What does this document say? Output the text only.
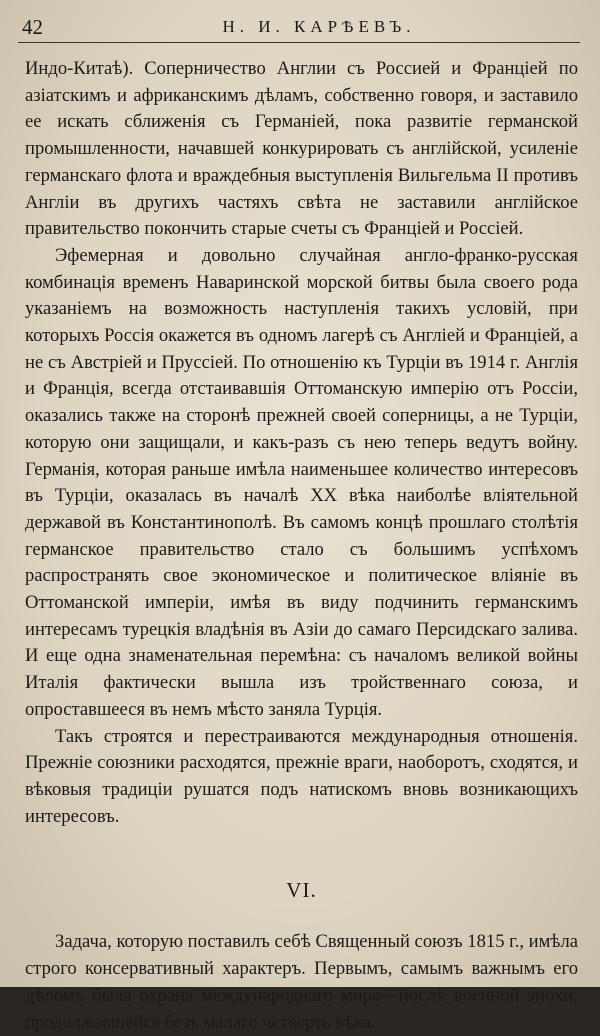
42	Н. И. КАРѢЕВЪ.

Индо-Китаѣ). Соперничество Англии съ Россией и Франціей по азіатскимъ и африканскимъ дѣламъ, собственно говоря, и заставило ее искать сближенія съ Германіей, пока развитіе германской промышленности, начавшей конкурировать съ англійской, усиленіе германскаго флота и враждебныя выступленія Вильгельма II противъ Англіи въ другихъ частяхъ свѣта не заставили англійское правительство покончить старые счеты съ Франціей и Россіей.

Эфемерная и довольно случайная англо-франко-русская комбинація временъ Наваринской морской битвы была своего рода указаніемъ на возможность наступленія такихъ условій, при которыхъ Россія окажется въ одномъ лагерѣ съ Англіей и Франціей, а не съ Австріей и Пруссіей. По отношенію къ Турціи въ 1914 г. Англія и Франція, всегда отстаивавшія Оттоманскую имперію отъ Россіи, оказались также на сторонѣ прежней своей соперницы, а не Турціи, которую они защищали, и какъ-разъ съ нею теперь ведутъ войну. Германія, которая раньше имѣла наименьшее количество интересовъ въ Турціи, оказалась въ началѣ XX вѣка наиболѣе вліятельной державой въ Константинополѣ. Въ самомъ концѣ прошлаго столѣтія германское правительство стало съ большимъ успѣхомъ распространять свое экономическое и политическое вліяніе въ Оттоманской имперіи, имѣя въ виду подчинить германскимъ интересамъ турецкія владѣнія въ Азіи до самаго Персидскаго залива. И еще одна знаменательная перемѣна: съ началомъ великой войны Италія фактически вышла изъ тройственнаго союза, и опроставшееся въ немъ мѣсто заняла Турція.

Такъ строятся и перестраиваются международныя отношенія. Прежніе союзники расходятся, прежніе враги, наоборотъ, сходятся, и вѣковыя традиціи рушатся подъ натискомъ вновь возникающихъ интересовъ.

VI.

Задача, которую поставилъ себѣ Священный союзъ 1815 г., имѣла строго консервативный характеръ. Первымъ, самымъ важнымъ его дѣломъ была охрана международнаго мира—послѣ военной эпохи, продолжавшейся безъ малаго четверть вѣка.
